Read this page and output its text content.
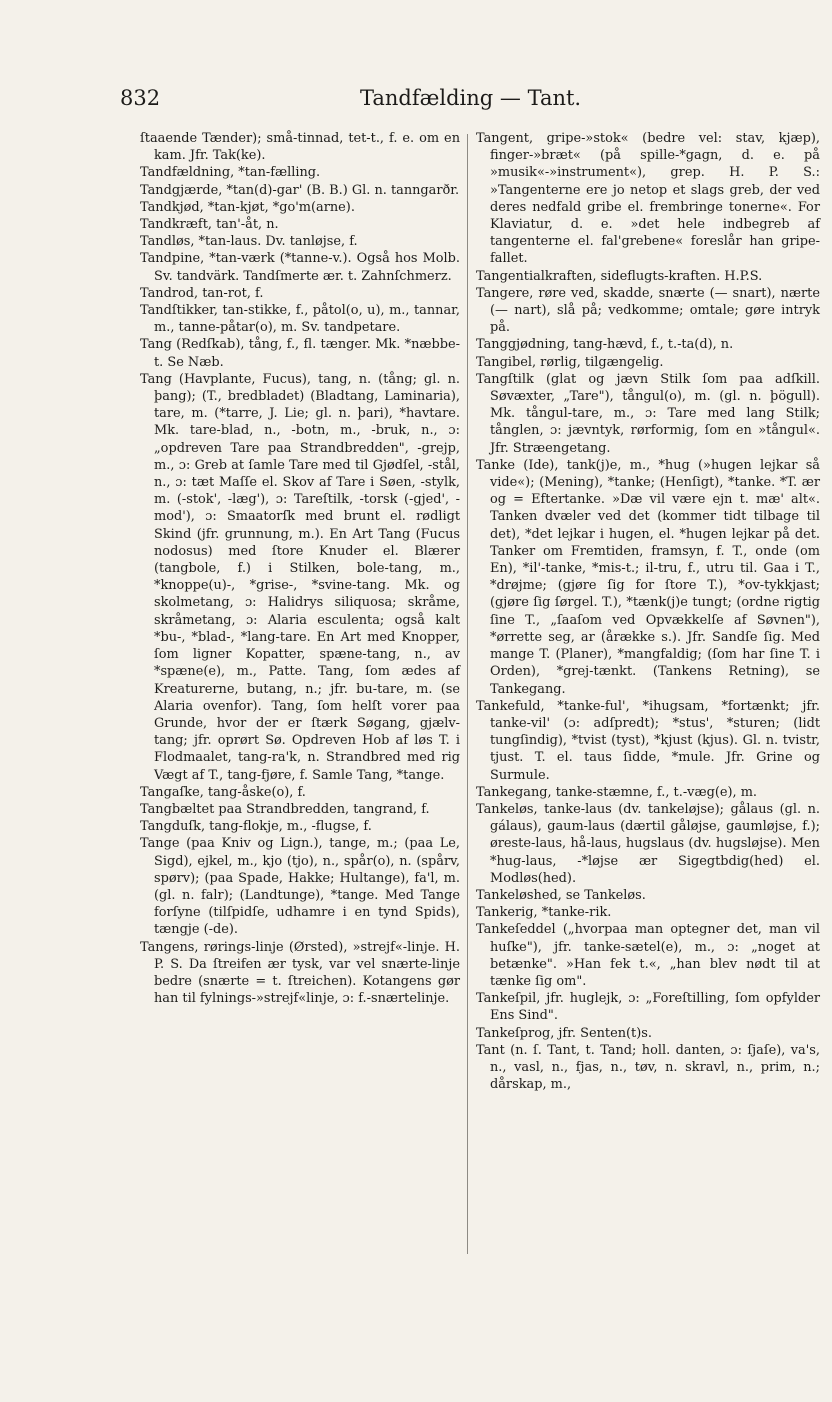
832	Tandfælding — Tant.

ſtaaende Tænder); små-tinnad, tet-t., f. e. om en kam. Jfr. Tak(ke).

Tandfældning, *tan-fælling.

Tandgjærde, *tan(d)-gar' (B. B.) Gl. n. tanngarðr.

Tandkjød, *tan-kjøt, *go'm(arne).

Tandkræft, tan'-åt, n.

Tandløs, *tan-laus. Dv. tanløjse, f.

Tandpine, *tan-værk (*tanne-v.). Også hos Molb. Sv. tandvärk. Tandſmerte ær. t. Zahnſchmerz.

Tandrod, tan-rot, f.

Tandſtikker, tan-stikke, f., påtol(o, u), m., tannar, m., tanne-påtar(o), m. Sv. tandpetare.

Tang (Redſkab), tång, f., fl. tænger. Mk. *næbbe-t. Se Næb.

Tang (Havplante, Fucus), tang, n. (tång; gl. n. þang); (T., bredbladet) (Bladtang, Laminaria), tare, m. (*tarre, J. Lie; gl. n. þari), *havtare. Mk. tare-blad, n., -botn, m., -bruk, n., ɔ: „opdreven Tare paa Strandbredden", -grejp, m., ɔ: Greb at ſamle Tare med til Gjødſel, -stål, n., ɔ: tæt Maſſe el. Skov af Tare i Søen, -stylk, m. (-stok', -læg'), ɔ: Tareſtilk, -torsk (-gjed', -mod'), ɔ: Smaatorſk med brunt el. rødligt Skind (jfr. grunnung, m.). En Art Tang (Fucus nodosus) med ſtore Knuder el. Blærer (tangbole, f.) i Stilken, bole-tang, m., *knoppe(u)-, *grise-, *svine-tang. Mk. og skolmetang, ɔ: Halidrys siliquosa; skråme, skråmetang, ɔ: Alaria esculenta; også kalt *bu-, *blad-, *lang-tare. En Art med Knopper, ſom ligner Kopatter, spæne-tang, n., av *spæne(e), m., Patte. Tang, ſom ædes af Kreaturerne, butang, n.; jfr. bu-tare, m. (se Alaria ovenfor). Tang, ſom helſt vorer paa Grunde, hvor der er ſtærk Søgang, gjælv-tang; jfr. oprørt Sø. Opdreven Hob af løs T. i Flodmaalet, tang-ra'k, n. Strandbred med rig Vægt af T., tang-fjøre, f. Samle Tang, *tange.

Tangaſke, tang-åske(o), f.

Tangbæltet paa Strandbredden, tangrand, f.

Tangduſk, tang-flokje, m., -flugse, f.

Tange (paa Kniv og Lign.), tange, m.; (paa Le, Sigd), ejkel, m., kjo (tjo), n., spår(o), n. (spårv, spørv); (paa Spade, Hakke; Hultange), fa'l, m. (gl. n. falr); (Landtunge), *tange. Med Tange forſyne (tilſpidſe, udhamre i en tynd Spids), tængje (-de).

Tangens, rørings-linje (Ørsted), »strejf«-linje. H. P. S. Da ſtreifen ær tysk, var vel snærte-linje bedre (snærte = t. ſtreichen). Kotangens gør han til fylnings-»strejf«linje, ɔ: f.-snærtelinje.

Tangent, gripe-»stok« (bedre vel: stav, kjæp), finger-»bræt« (på spille-*gagn, d. e. på »musik«-»instrument«), grep. H. P. S.: »Tangenterne ere jo netop et slags greb, der ved deres nedfald gribe el. frembringe tonerne«. For Klaviatur, d. e. »det hele indbegreb af tangenterne el. fal'grebene« foreslår han gripe-fallet.

Tangentialkraften, sideflugts-kraften. H.P.S.

Tangere, røre ved, skadde, snærte (— snart), nærte (— nart), slå på; vedkomme; omtale; gøre intryk på.

Tanggjødning, tang-hævd, f., t.-ta(d), n.

Tangibel, rørlig, tilgængelig.

Tangſtilk (glat og jævn Stilk ſom paa adſkill. Søvæxter, „Tare"), tångul(o), m. (gl. n. þögull). Mk. tångul-tare, m., ɔ: Tare med lang Stilk; tånglen, ɔ: jævntyk, rørformig, ſom en »tångul«. Jfr. Stræengetang.

Tanke (Ide), tank(j)e, m., *hug (»hugen lejkar så vide«); (Mening), *tanke; (Henſigt), *tanke. *T. ær og = Eftertanke. »Dæ vil være ejn t. mæ' alt«. Tanken dvæler ved det (kommer tidt tilbage til det), *det lejkar i hugen, el. *hugen lejkar på det. Tanker om Fremtiden, framsyn, f. T., onde (om En), *il'-tanke, *mis-t.; il-tru, f., utru til. Gaa i T., *drøjme; (gjøre ſig for ſtore T.), *ov-tykkjast; (gjøre ſig ſørgel. T.), *tænk(j)e tungt; (ordne rigtig ſine T., „ſaaſom ved Opvækkelſe af Søvnen"), *ørrette seg, ar (årække s.). Jfr. Sandſe ſig. Med mange T. (Planer), *mangfaldig; (ſom har ſine T. i Orden), *grej-tænkt. (Tankens Retning), se Tankegang.

Tankefuld, *tanke-ful', *ihugsam, *fortænkt; jfr. tanke-vil' (ɔ: adſpredt); *stus', *sturen; (lidt tungſindig), *tvist (tyst), *kjust (kjus). Gl. n. tvistr, tjust. T. el. taus ſidde, *mule. Jfr. Grine og Surmule.

Tankegang, tanke-stæmne, f., t.-væg(e), m.

Tankeløs, tanke-laus (dv. tankeløjse); gålaus (gl. n. gálaus), gaum-laus (dærtil gåløjse, gaumløjse, f.); øreste-laus, hå-laus, hugslaus (dv. hugsløjse). Men *hug-laus, -*løjse ær Sigegtbdig(hed) el. Modløs(hed).

Tankeløshed, se Tankeløs.

Tankerig, *tanke-rik.

Tankeſeddel („hvorpaa man optegner det, man vil huſke"), jfr. tanke-sætel(e), m., ɔ: „noget at betænke". »Han fek t.«, „han blev nødt til at tænke ſig om".

Tankeſpil, jfr. huglejk, ɔ: „Foreſtilling, ſom opfylder Ens Sind".

Tankeſprog, jfr. Senten(t)s.

Tant (n. ſ. Tant, t. Tand; holl. danten, ɔ: ſjaſe), va's, n., vasl, n., fjas, n., tøv, n. skravl, n., prim, n.; dårskap, m.,
